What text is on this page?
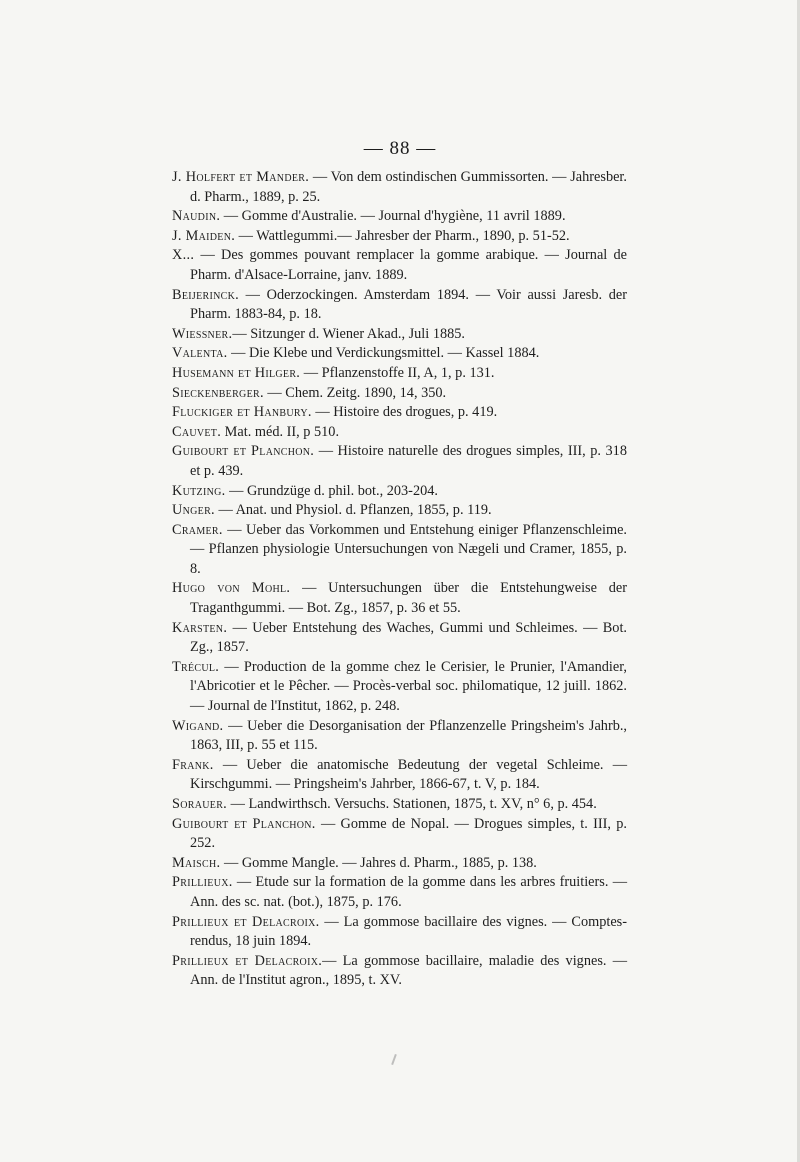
— 88 —
J. Holfert et Mander. — Von dem ostindischen Gummissorten. — Jahresber. d. Pharm., 1889, p. 25.
Naudin. — Gomme d'Australie. — Journal d'hygiène, 11 avril 1889.
J. Maiden. — Wattlegummi.— Jahresber der Pharm., 1890, p. 51-52.
X... — Des gommes pouvant remplacer la gomme arabique. — Journal de Pharm. d'Alsace-Lorraine, janv. 1889.
Beijerinck. — Oderzockingen. Amsterdam 1894. — Voir aussi Jaresb. der Pharm. 1883-84, p. 18.
Wiessner.— Sitzunger d. Wiener Akad., Juli 1885.
Valenta. — Die Klebe und Verdickungsmittel. — Kassel 1884.
Husemann et Hilger. — Pflanzenstoffe II, A, 1, p. 131.
Sieckenberger. — Chem. Zeitg. 1890, 14, 350.
Fluckiger et Hanbury. — Histoire des drogues, p. 419.
Cauvet. Mat. méd. II, p 510.
Guibourt et Planchon. — Histoire naturelle des drogues simples, III, p. 318 et p. 439.
Kutzing. — Grundzüge d. phil. bot., 203-204.
Unger. — Anat. und Physiol. d. Pflanzen, 1855, p. 119.
Cramer. — Ueber das Vorkommen und Entstehung einiger Pflanzenschleime. — Pflanzen physiologie Untersuchungen von Nægeli und Cramer, 1855, p. 8.
Hugo von Mohl. — Untersuchungen über die Entstehungweise der Traganthgummi. — Bot. Zg., 1857, p. 36 et 55.
Karsten. — Ueber Entstehung des Waches, Gummi und Schleimes. — Bot. Zg., 1857.
Trécul. — Production de la gomme chez le Cerisier, le Prunier, l'Amandier, l'Abricotier et le Pêcher. — Procès-verbal soc. philomatique, 12 juill. 1862. — Journal de l'Institut, 1862, p. 248.
Wigand. — Ueber die Desorganisation der Pflanzenzelle Pringsheim's Jahrb., 1863, III, p. 55 et 115.
Frank. — Ueber die anatomische Bedeutung der vegetal Schleime. — Kirschgummi. — Pringsheim's Jahrber, 1866-67, t. V, p. 184.
Sorauer. — Landwirthsch. Versuchs. Stationen, 1875, t. XV, n° 6, p. 454.
Guibourt et Planchon. — Gomme de Nopal. — Drogues simples, t. III, p. 252.
Maisch. — Gomme Mangle. — Jahres d. Pharm., 1885, p. 138.
Prillieux. — Etude sur la formation de la gomme dans les arbres fruitiers. — Ann. des sc. nat. (bot.), 1875, p. 176.
Prillieux et Delacroix. — La gommose bacillaire des vignes. — Comptes-rendus, 18 juin 1894.
Prillieux et Delacroix.— La gommose bacillaire, maladie des vignes. — Ann. de l'Institut agron., 1895, t. XV.
